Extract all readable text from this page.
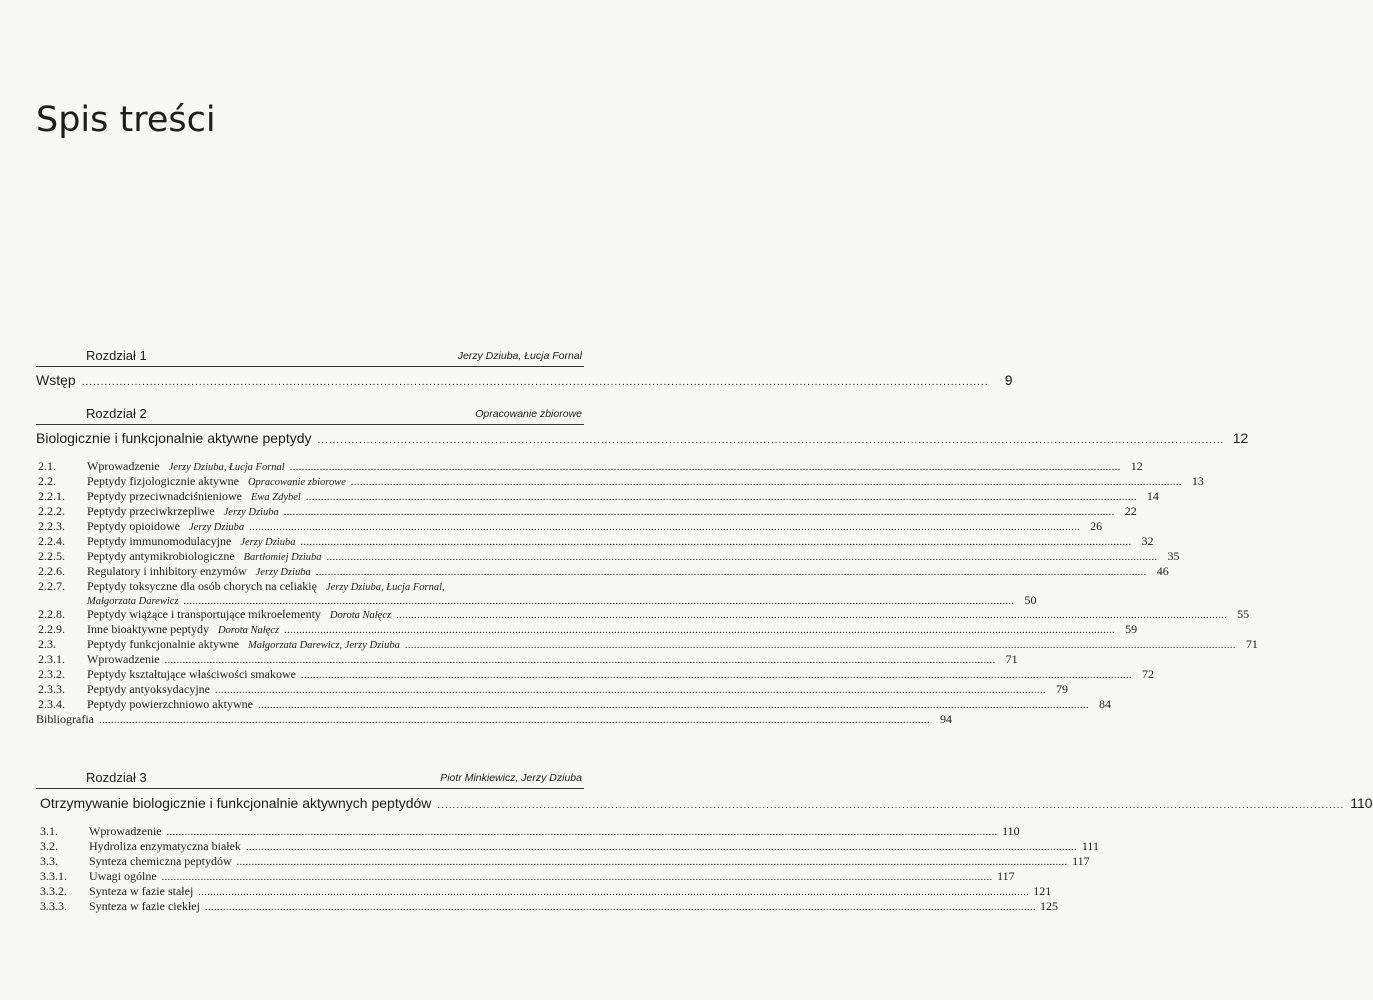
Spis treści
Rozdział 1	Jerzy Dziuba, Łucja Fornal
Wstęp .....	9
Rozdział 2	Opracowanie zbiorowe
Biologicznie i funkcjonalnie aktywne peptydy .....	12
2.1.	Wprowadzenie Jerzy Dziuba, Łucja Fornal .....	12
2.2.	Peptydy fizjologicznie aktywne Opracowanie zbiorowe .....	13
2.2.1.	Peptydy przeciwnadciśnieniowe Ewa Zdybel .....	14
2.2.2.	Peptydy przeciwkrzepliwe Jerzy Dziuba .....	22
2.2.3.	Peptydy opioidowe Jerzy Dziuba .....	26
2.2.4.	Peptydy immunomodulacyjne Jerzy Dziuba .....	32
2.2.5.	Peptydy antymikrobiologiczne Bartłomiej Dziuba .....	35
2.2.6.	Regulatory i inhibitory enzymów Jerzy Dziuba .....	46
2.2.7.	Peptydy toksyczne dla osób chorych na celiakię Jerzy Dziuba, Łucja Fornal,
Małgorzata Darewicz .....	50
2.2.8.	Peptydy wiążące i transportujące mikroelementy Dorota Nałęcz .....	55
2.2.9.	Inne bioaktywne peptydy Dorota Nałęcz .....	59
2.3.	Peptydy funkcjonalnie aktywne Małgorzata Darewicz, Jerzy Dziuba .....	71
2.3.1.	Wprowadzenie .....	71
2.3.2.	Peptydy kształtujące właściwości smakowe .....	72
2.3.3.	Peptydy antyoksydacyjne .....	79
2.3.4.	Peptydy powierzchniowo aktywne .....	84
Bibliografia .....	94
Rozdział 3	Piotr Minkiewicz, Jerzy Dziuba
Otrzymywanie biologicznie i funkcjonalnie aktywnych peptydów .....	110
3.1.	Wprowadzenie .....	110
3.2.	Hydroliza enzymatyczna białek .....	111
3.3.	Synteza chemiczna peptydów .....	117
3.3.1.	Uwagi ogólne .....	117
3.3.2.	Synteza w fazie stałej .....	121
3.3.3.	Synteza w fazie ciekłej .....	125
